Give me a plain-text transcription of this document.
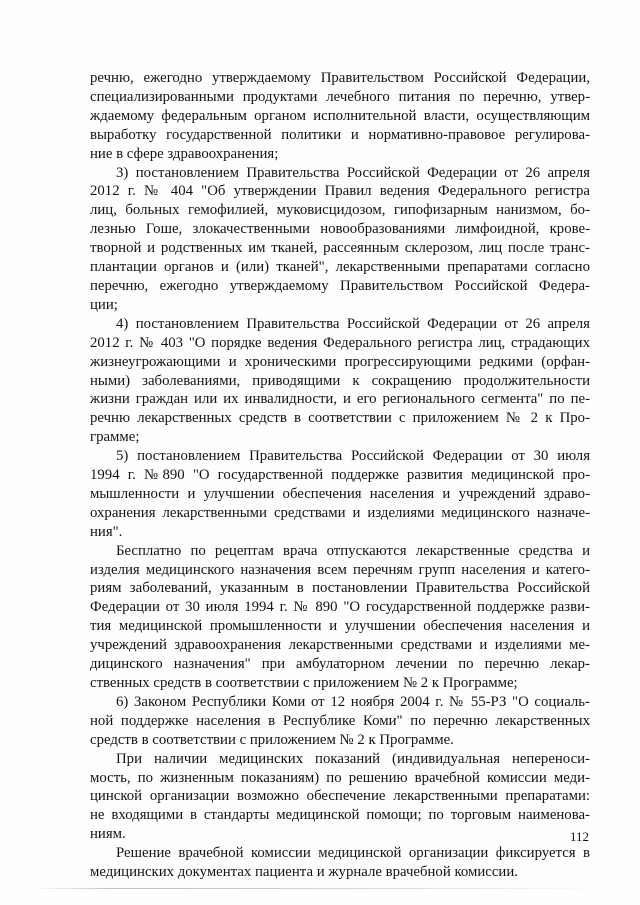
речню, ежегодно утверждаемому Правительством Российской Федерации,
специализированными продуктами лечебного питания по перечню, утвер-
ждаемому федеральным органом исполнительной власти, осуществляющим
выработку государственной политики и нормативно-правовое регулирова-
ние в сфере здравоохранения;
3) постановлением Правительства Российской Федерации от 26 апреля
2012 г. № 404 "Об утверждении Правил ведения Федерального регистра
лиц, больных гемофилией, муковисцидозом, гипофизарным нанизмом, бо-
лезнью Гоше, злокачественными новообразованиями лимфоидной, крове-
творной и родственных им тканей, рассеянным склерозом, лиц после транс-
плантации органов и (или) тканей", лекарственными препаратами согласно
перечню, ежегодно утверждаемому Правительством Российской Федера-
ции;
4) постановлением Правительства Российской Федерации от 26 апреля
2012 г. № 403 "О порядке ведения Федерального регистра лиц, страдающих
жизнеугрожающими и хроническими прогрессирующими редкими (орфан-
ными) заболеваниями, приводящими к сокращению продолжительности
жизни граждан или их инвалидности, и его регионального сегмента" по пе-
речню лекарственных средств в соответствии с приложением № 2 к Про-
грамме;
5) постановлением Правительства Российской Федерации от 30 июля
1994 г. №890 "О государственной поддержке развития медицинской про-
мышленности и улучшении обеспечения населения и учреждений здраво-
охранения лекарственными средствами и изделиями медицинского назначе-
ния".
Бесплатно по рецептам врача отпускаются лекарственные средства и
изделия медицинского назначения всем перечням групп населения и катего-
риям заболеваний, указанным в постановлении Правительства Российской
Федерации от 30 июля 1994 г. № 890 "О государственной поддержке разви-
тия медицинской промышленности и улучшении обеспечения населения и
учреждений здравоохранения лекарственными средствами и изделиями ме-
дицинского назначения" при амбулаторном лечении по перечню лекар-
ственных средств в соответствии с приложением № 2 к Программе;
6) Законом Республики Коми от 12 ноября 2004 г. № 55-РЗ "О социаль-
ной поддержке населения в Республике Коми" по перечню лекарственных
средств в соответствии с приложением № 2 к Программе.
При наличии медицинских показаний (индивидуальная непереноси-
мость, по жизненным показаниям) по решению врачебной комиссии меди-
цинской организации возможно обеспечение лекарственными препаратами:
не входящими в стандарты медицинской помощи; по торговым наименова-
ниям.
Решение врачебной комиссии медицинской организации фиксируется в
медицинских документах пациента и журнале врачебной комиссии.
112
